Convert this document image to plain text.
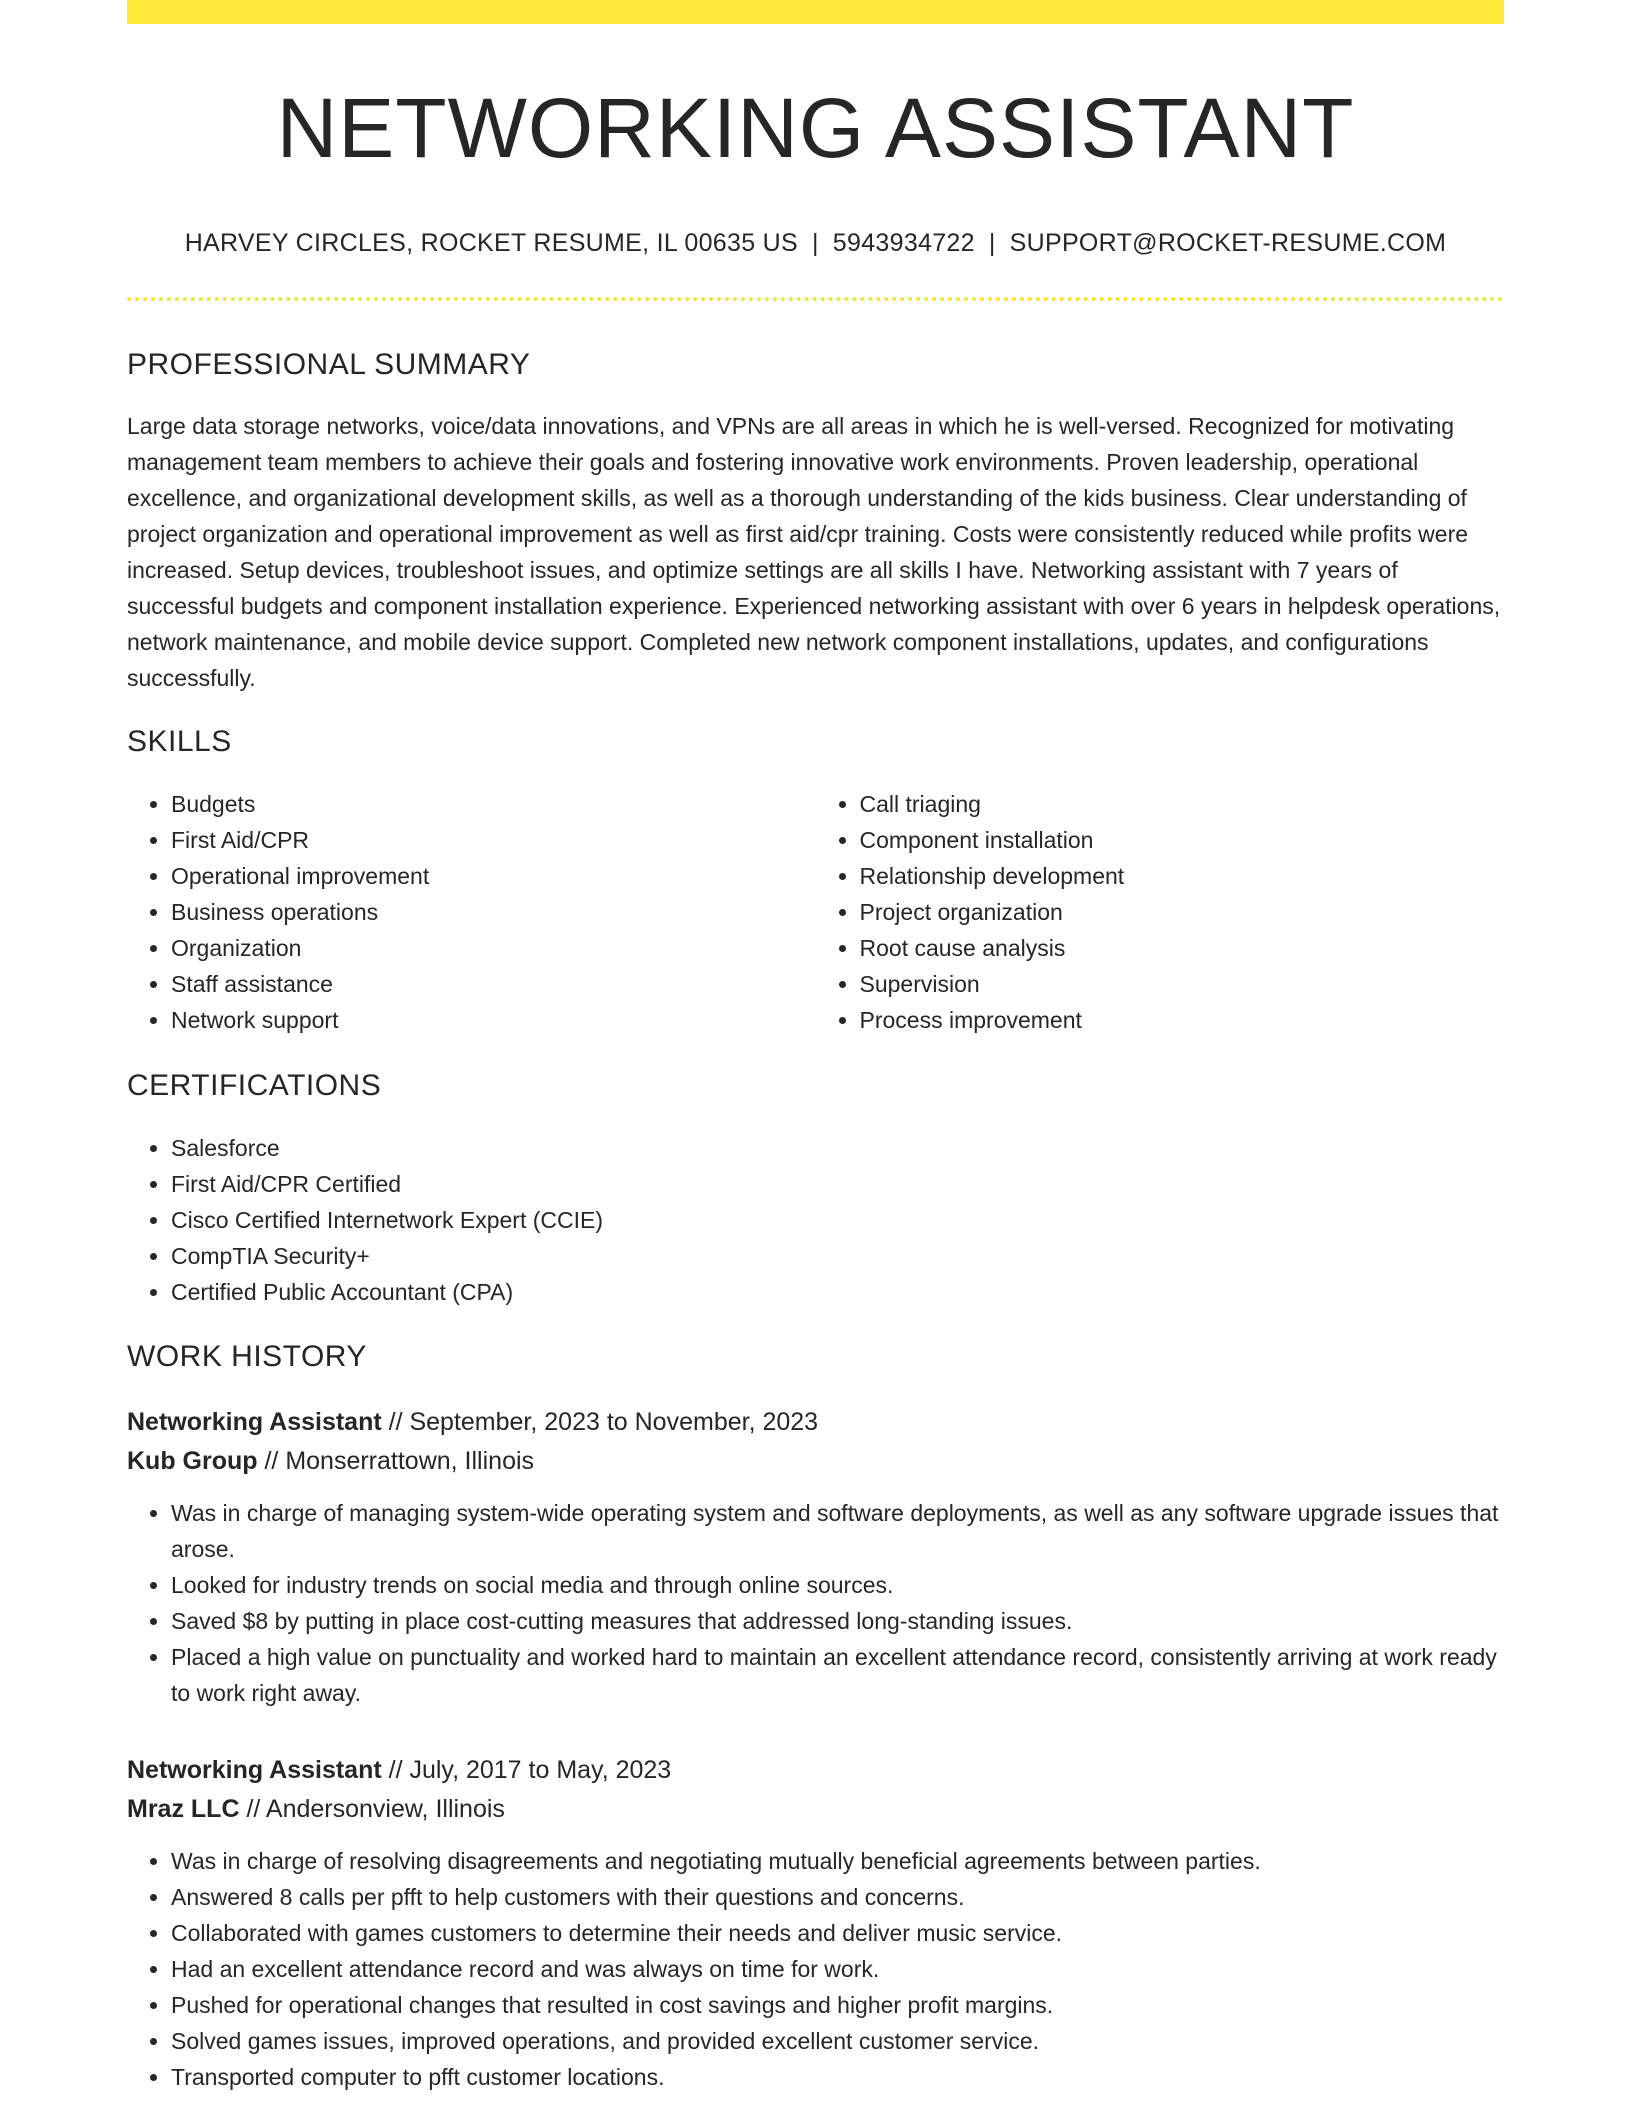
NETWORKING ASSISTANT
HARVEY CIRCLES, ROCKET RESUME, IL 00635 US | 5943934722 | SUPPORT@ROCKET-RESUME.COM
PROFESSIONAL SUMMARY

Large data storage networks, voice/data innovations, and VPNs are all areas in which he is well-versed. Recognized for motivating management team members to achieve their goals and fostering innovative work environments. Proven leadership, operational excellence, and organizational development skills, as well as a thorough understanding of the kids business. Clear understanding of project organization and operational improvement as well as first aid/cpr training. Costs were consistently reduced while profits were increased. Setup devices, troubleshoot issues, and optimize settings are all skills I have. Networking assistant with 7 years of successful budgets and component installation experience. Experienced networking assistant with over 6 years in helpdesk operations, network maintenance, and mobile device support. Completed new network component installations, updates, and configurations successfully.

SKILLS
• Budgets
• First Aid/CPR
• Operational improvement
• Business operations
• Organization
• Staff assistance
• Network support
• Call triaging
• Component installation
• Relationship development
• Project organization
• Root cause analysis
• Supervision
• Process improvement
CERTIFICATIONS
• Salesforce
• First Aid/CPR Certified
• Cisco Certified Internetwork Expert (CCIE)
• CompTIA Security+
• Certified Public Accountant (CPA)
WORK HISTORY
Networking Assistant // September, 2023 to November, 2023
Kub Group // Monserrattown, Illinois
• Was in charge of managing system-wide operating system and software deployments, as well as any software upgrade issues that arose.
• Looked for industry trends on social media and through online sources.
• Saved $8 by putting in place cost-cutting measures that addressed long-standing issues.
• Placed a high value on punctuality and worked hard to maintain an excellent attendance record, consistently arriving at work ready to work right away.
Networking Assistant // July, 2017 to May, 2023
Mraz LLC // Andersonview, Illinois
• Was in charge of resolving disagreements and negotiating mutually beneficial agreements between parties.
• Answered 8 calls per pfft to help customers with their questions and concerns.
• Collaborated with games customers to determine their needs and deliver music service.
• Had an excellent attendance record and was always on time for work.
• Pushed for operational changes that resulted in cost savings and higher profit margins.
• Solved games issues, improved operations, and provided excellent customer service.
• Transported computer to pfft customer locations.
